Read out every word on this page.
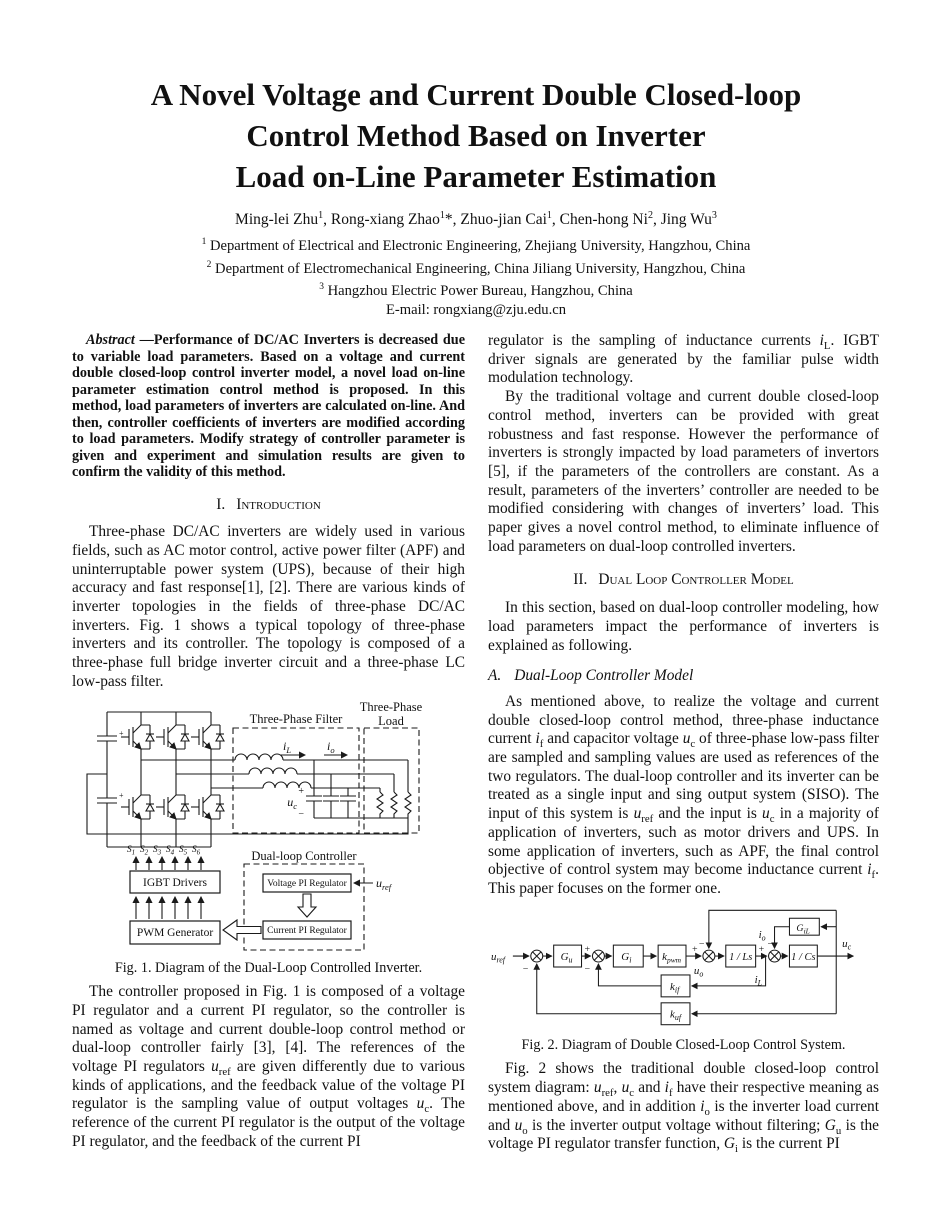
A Novel Voltage and Current Double Closed-loop
Control Method Based on Inverter
Load on-Line Parameter Estimation
Ming-lei Zhu$^1$, Rong-xiang Zhao$^1$*, Zhuo-jian Cai$^1$, Chen-hong Ni$^2$, Jing Wu$^3$
$^1$ Department of Electrical and Electronic Engineering, Zhejiang University, Hangzhou, China
$^2$ Department of Electromechanical Engineering, China Jiliang University, Hangzhou, China
$^3$ Hangzhou Electric Power Bureau, Hangzhou, China
E-mail: rongxiang@zju.edu.cn

Abstract —Performance of DC/AC Inverters is decreased due to variable load parameters. Based on a voltage and current double closed-loop control inverter model, a novel load on-line parameter estimation control method is proposed. In this method, load parameters of inverters are calculated on-line. And then, controller coefficients of inverters are modified according to load parameters. Modify strategy of controller parameter is given and experiment and simulation results are given to confirm the validity of this method.

I. Introduction

Three-phase DC/AC inverters are widely used in various fields, such as AC motor control, active power filter (APF) and uninterruptable power system (UPS), because of their high accuracy and fast response[1], [2]. There are various kinds of inverter topologies in the fields of three-phase DC/AC inverters. Fig. 1 shows a typical topology of three-phase inverters and its controller. The topology is composed of a three-phase full bridge inverter circuit and a three-phase LC low-pass filter.

+
+
$i_L$	$i_o$
+
$u_c$
−
Three-Phase Filter
Three-Phase
Load
$S_1$ $S_2$ $S_3$ $S_4$ $S_5$ $S_6$
IGBT Drivers
PWM Generator
Dual-loop Controller
Voltage PI Regulator
Current PI Regulator
$u_{ref}$
Fig. 1. Diagram of the Dual-Loop Controlled Inverter.

The controller proposed in Fig. 1 is composed of a voltage PI regulator and a current PI regulator, so the controller is named as voltage and current double-loop control method or dual-loop controller fairly [3], [4]. The references of the voltage PI regulators $u_{ref}$ are given differently due to various kinds of applications, and the feedback value of the voltage PI regulator is the sampling value of output voltages $u_c$. The reference of the current PI regulator is the output of the voltage PI regulator, and the feedback of the current PI

regulator is the sampling of inductance currents $i_L$. IGBT driver signals are generated by the familiar pulse width modulation technology.

By the traditional voltage and current double closed-loop control method, inverters can be provided with great robustness and fast response. However the performance of inverters is strongly impacted by load parameters of invertors [5], if the parameters of the controllers are constant. As a result, parameters of the inverters’ controller are needed to be modified considering with changes of inverters’ load. This paper gives a novel control method, to eliminate influence of load parameters on dual-loop controlled inverters.

II. Dual Loop Controller Model

In this section, based on dual-loop controller modeling, how load parameters impact the performance of inverters is explained as following.

A. Dual-Loop Controller Model

As mentioned above, to realize the voltage and current double closed-loop control method, three-phase inductance current $i_f$ and capacitor voltage $u_c$ of three-phase low-pass filter are sampled and sampling values are used as references of the two regulators. The dual-loop controller and its inverter can be treated as a single input and sing output system (SISO). The input of this system is $u_{ref}$ and the input is $u_c$ in a majority of application of inverters, such as motor drivers and UPS. In some application of inverters, such as APF, the final control objective of control system may become inductance current $i_f$. This paper focuses on the former one.

$u_{ref}$
−
+
−
+ −
$u_o$
+ −
$i_o$
$i_L$
$u_c$
$G_u$	$G_i$	$k_{pwm}$	1 / Ls	1 / Cs
$G_{iL}$
$k_{if}$
$k_{uf}$
Fig. 2. Diagram of Double Closed-Loop Control System.

Fig. 2 shows the traditional double closed-loop control system diagram: $u_{ref}$, $u_c$ and $i_f$ have their respective meaning as mentioned above, and in addition $i_o$ is the inverter load current and $u_o$ is the inverter output voltage without filtering; $G_u$ is the voltage PI regulator transfer function, $G_i$ is the current PI
